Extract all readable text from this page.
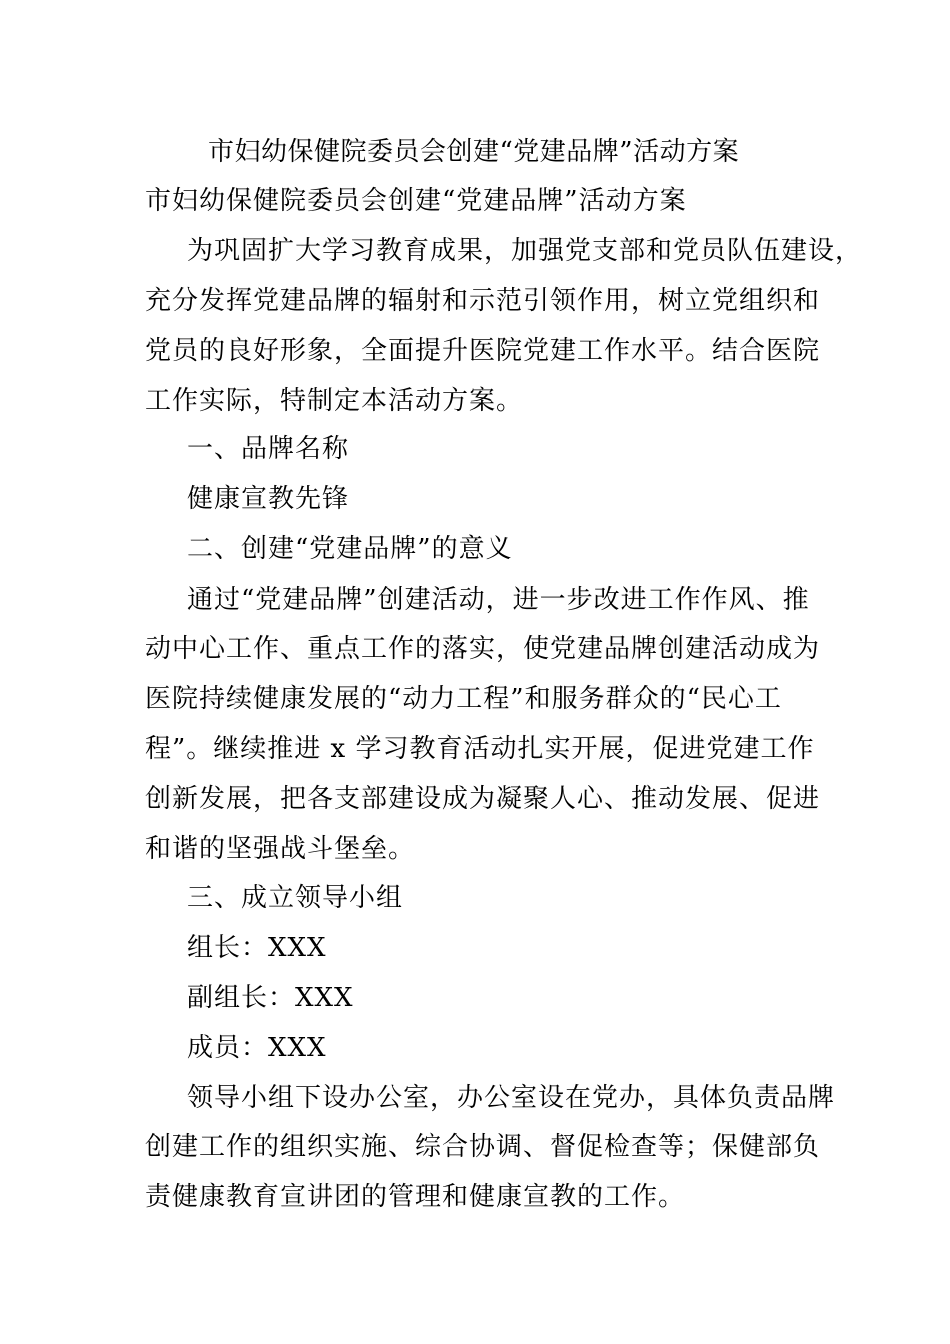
市妇幼保健院委员会创建“党建品牌”活动方案
市妇幼保健院委员会创建“党建品牌”活动方案
为巩固扩大学习教育成果，加强党支部和党员队伍建设，
充分发挥党建品牌的辐射和示范引领作用，树立党组织和
党员的良好形象，全面提升医院党建工作水平。结合医院
工作实际，特制定本活动方案。
一、品牌名称
健康宣教先锋
二、创建“党建品牌”的意义
通过“党建品牌”创建活动，进一步改进工作作风、推
动中心工作、重点工作的落实，使党建品牌创建活动成为
医院持续健康发展的“动力工程”和服务群众的“民心工
程”。继续推进 x 学习教育活动扎实开展，促进党建工作
创新发展，把各支部建设成为凝聚人心、推动发展、促进
和谐的坚强战斗堡垒。
三、成立领导小组
组长：XXX
副组长：XXX
成员：XXX
领导小组下设办公室，办公室设在党办，具体负责品牌
创建工作的组织实施、综合协调、督促检查等；保健部负
责健康教育宣讲团的管理和健康宣教的工作。
